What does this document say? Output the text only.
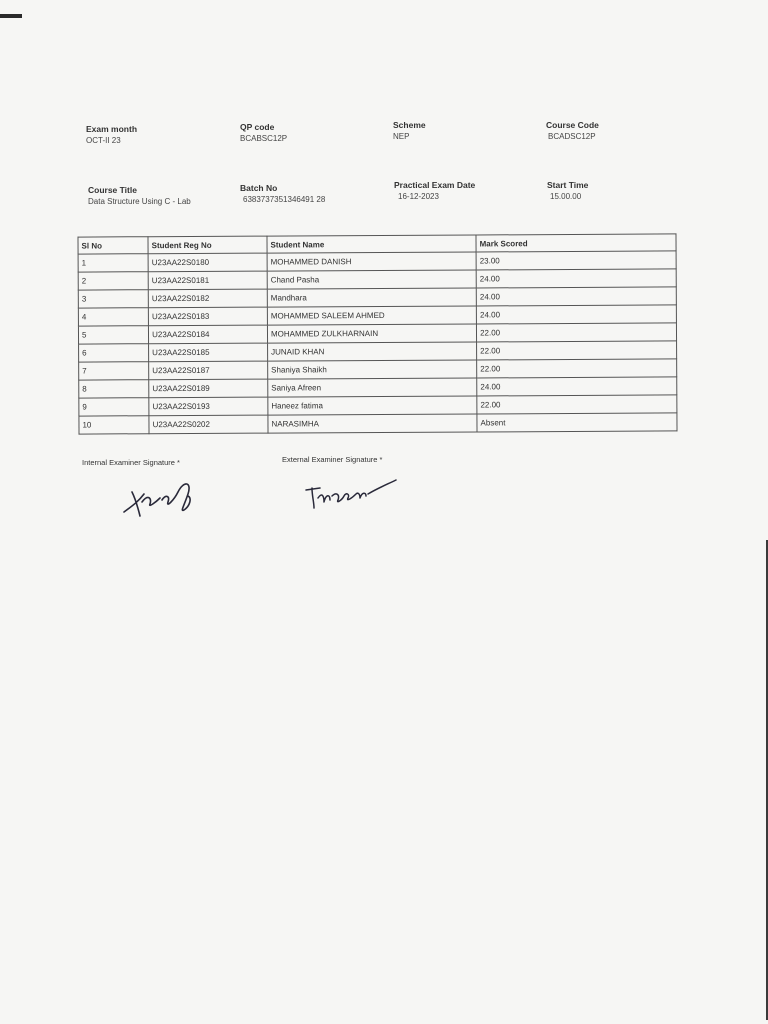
Exam month
OCT-II 23
QP code
BCABSC12P
Scheme
NEP
Course Code
BCADSC12P
Course Title
Data Structure Using C - Lab
Batch No
6383737351346491 28
Practical Exam Date
16-12-2023
Start Time
15.00.00
Sl No	Student Reg No	Student Name	Mark Scored
1	U23AA22S0180	MOHAMMED DANISH	23.00
2	U23AA22S0181	Chand Pasha	24.00
3	U23AA22S0182	Mandhara	24.00
4	U23AA22S0183	MOHAMMED SALEEM AHMED	24.00
5	U23AA22S0184	MOHAMMED ZULKHARNAIN	22.00
6	U23AA22S0185	JUNAID KHAN	22.00
7	U23AA22S0187	Shaniya Shaikh	22.00
8	U23AA22S0189	Saniya Afreen	24.00
9	U23AA22S0193	Haneez fatima	22.00
10	U23AA22S0202	NARASIMHA	Absent
Internal Examiner Signature *	External Examiner Signature *
